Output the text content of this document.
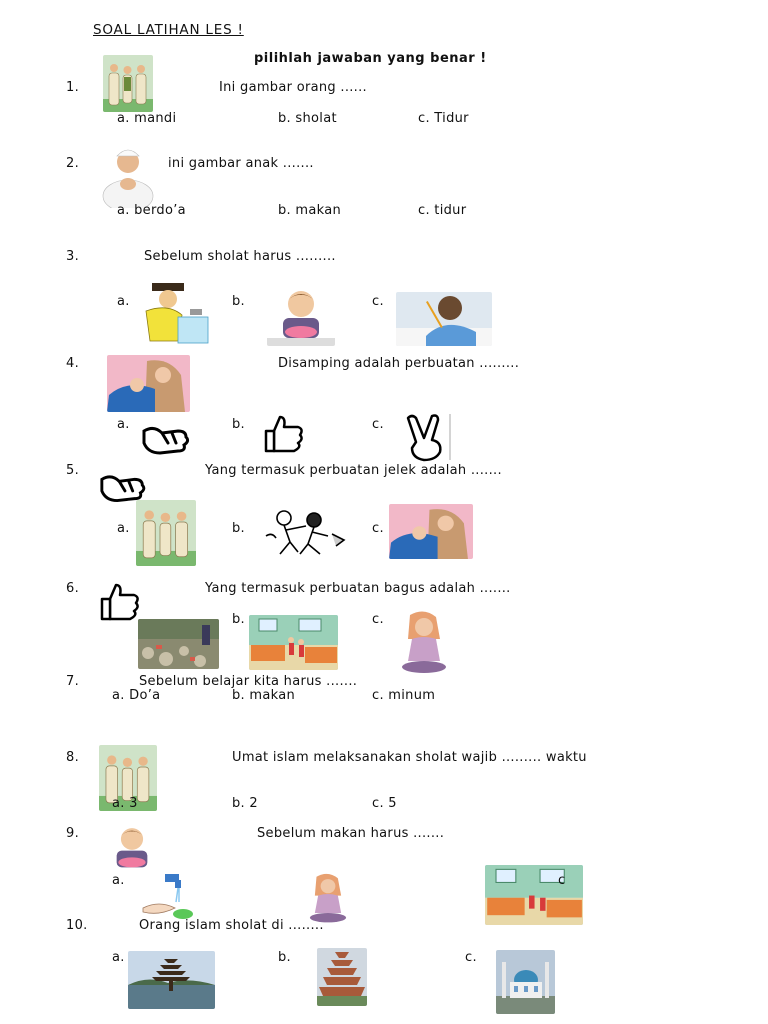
SOAL LATIHAN LES !
pilihlah jawaban yang benar !
1.	Ini gambar orang ......
a. mandi	b. sholat	c. Tidur
2.	ini gambar anak .......
a. berdo’a	b. makan	c. tidur
3.	Sebelum sholat harus .........
a.	b.	c.
4.	Disamping adalah perbuatan .........
a.	b.	c.
5.	Yang termasuk perbuatan jelek adalah .......
a.	b.	c.
6.	Yang termasuk perbuatan bagus adalah .......
b.	c.
7.	Sebelum belajar kita harus .......
a. Do’a	b. makan	c. minum
8.	Umat islam melaksanakan sholat wajib ......... waktu
a. 3	b. 2	c. 5
9.	Sebelum makan harus .......
a.	c
10.	Orang islam sholat di ........
a.	b.	c.
